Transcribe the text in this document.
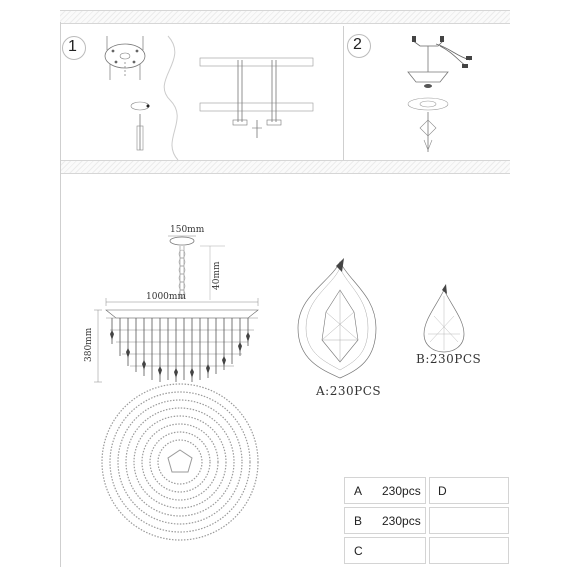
1	2
150mm
40mm
1000mm
380mm
A:230PCS
B:230PCS
A 230pcs
B 230pcs
C
D
